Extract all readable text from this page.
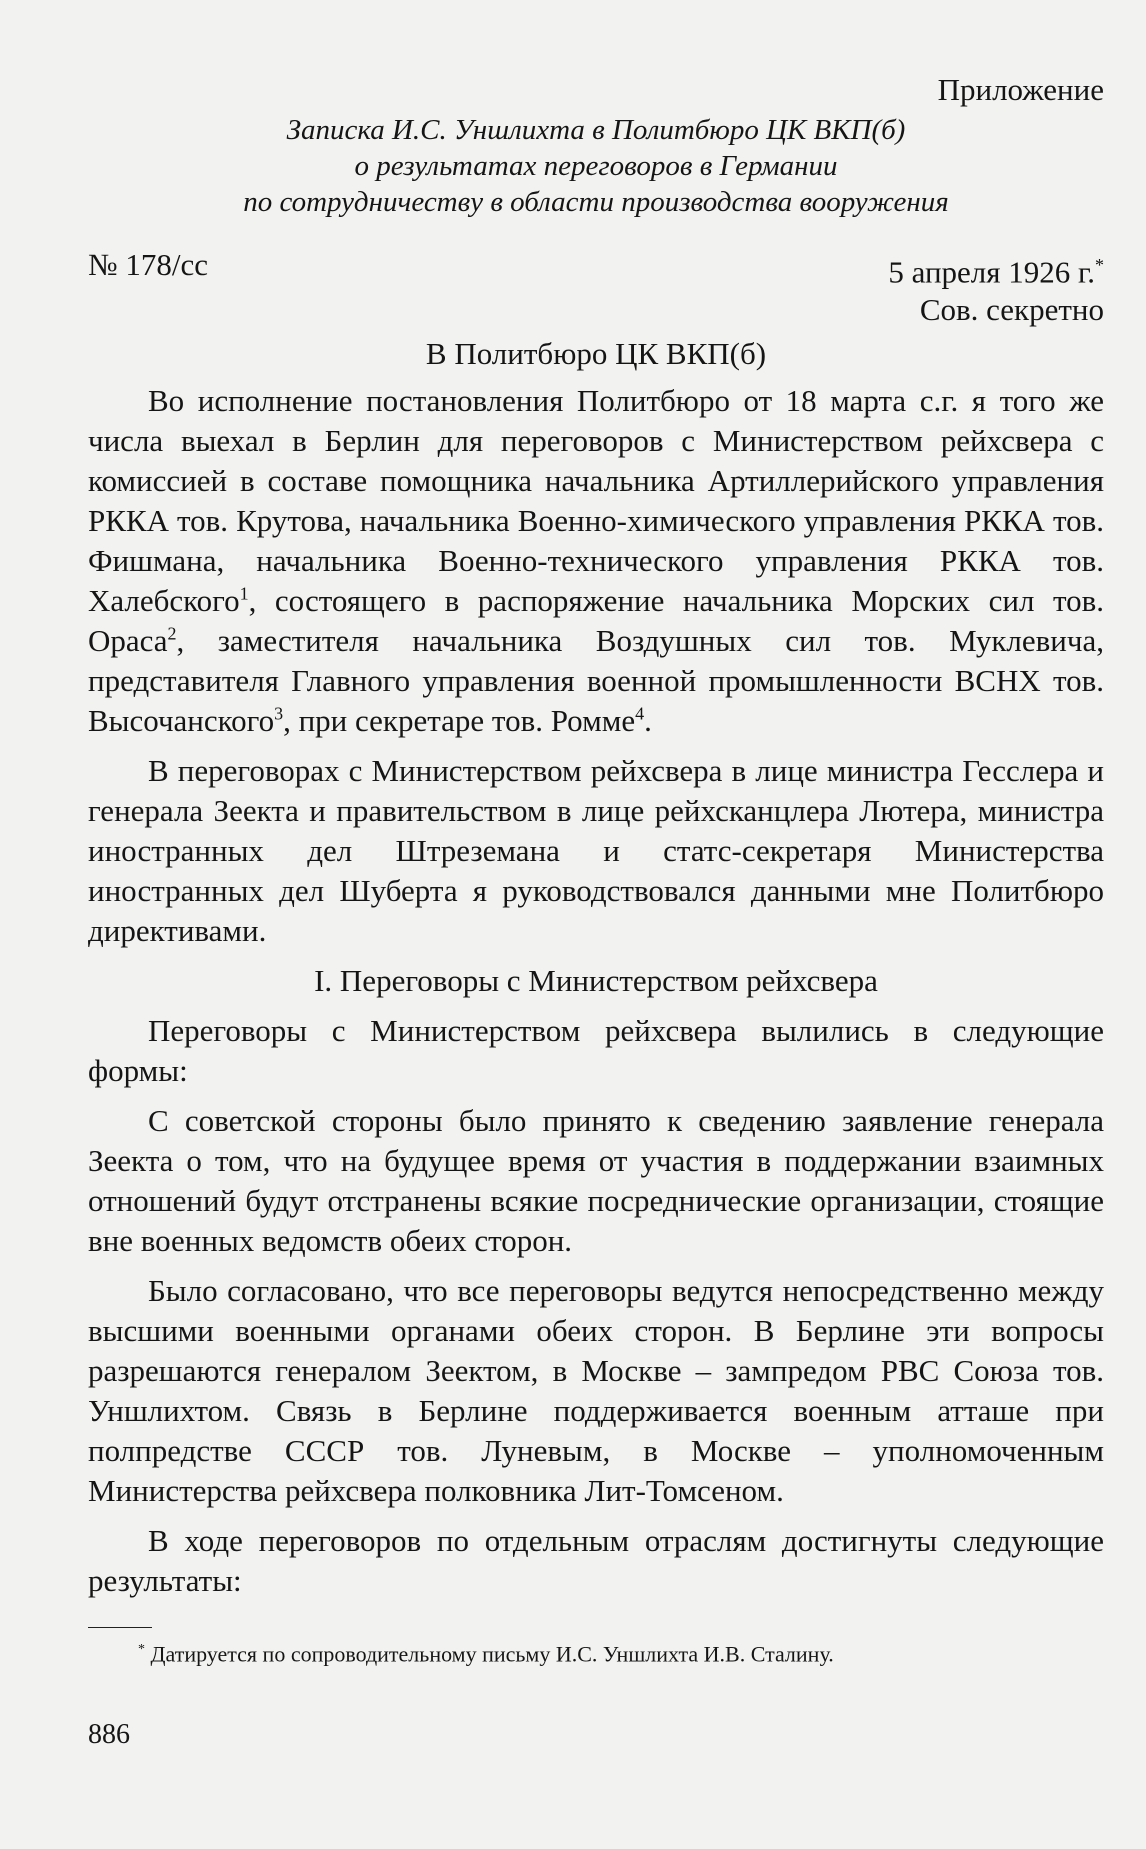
Приложение

Записка И.С. Уншлихта в Политбюро ЦК ВКП(б)
о результатах переговоров в Германии
по сотрудничеству в области производства вооружения
№ 178/сс	5 апреля 1926 г.*

Сов. секретно

В Политбюро ЦК ВКП(б)

Во исполнение постановления Политбюро от 18 марта с.г. я того же числа выехал в Берлин для переговоров с Министерством рейхсвера с комиссией в составе помощника начальника Артиллерийского управления РККА тов. Крутова, начальника Военно-химического управления РККА тов. Фишмана, начальника Военно-технического управления РККА тов. Халебского$^1$, состоящего в распоряжение начальника Морских сил тов. Ораса$^2$, заместителя начальника Воздушных сил тов. Муклевича, представителя Главного управления военной промышленности ВСНХ тов. Высочанского$^3$, при секретаре тов. Ромме$^4$.

В переговорах с Министерством рейхсвера в лице министра Гесслера и генерала Зеекта и правительством в лице рейхсканцлера Лютера, министра иностранных дел Штреземана и статс-секретаря Министерства иностранных дел Шуберта я руководствовался данными мне Политбюро директивами.

I. Переговоры с Министерством рейхсвера

Переговоры с Министерством рейхсвера вылились в следующие формы:

С советской стороны было принято к сведению заявление генерала Зеекта о том, что на будущее время от участия в поддержании взаимных отношений будут отстранены всякие посреднические организации, стоящие вне военных ведомств обеих сторон.

Было согласовано, что все переговоры ведутся непосредственно между высшими военными органами обеих сторон. В Берлине эти вопросы разрешаются генералом Зеектом, в Москве – зампредом РВС Союза тов. Уншлихтом. Связь в Берлине поддерживается военным атташе при полпредстве СССР тов. Луневым, в Москве – уполномоченным Министерства рейхсвера полковника Лит-Томсеном.

В ходе переговоров по отдельным отраслям достигнуты следующие результаты:

* Датируется по сопроводительному письму И.С. Уншлихта И.В. Сталину.

886
